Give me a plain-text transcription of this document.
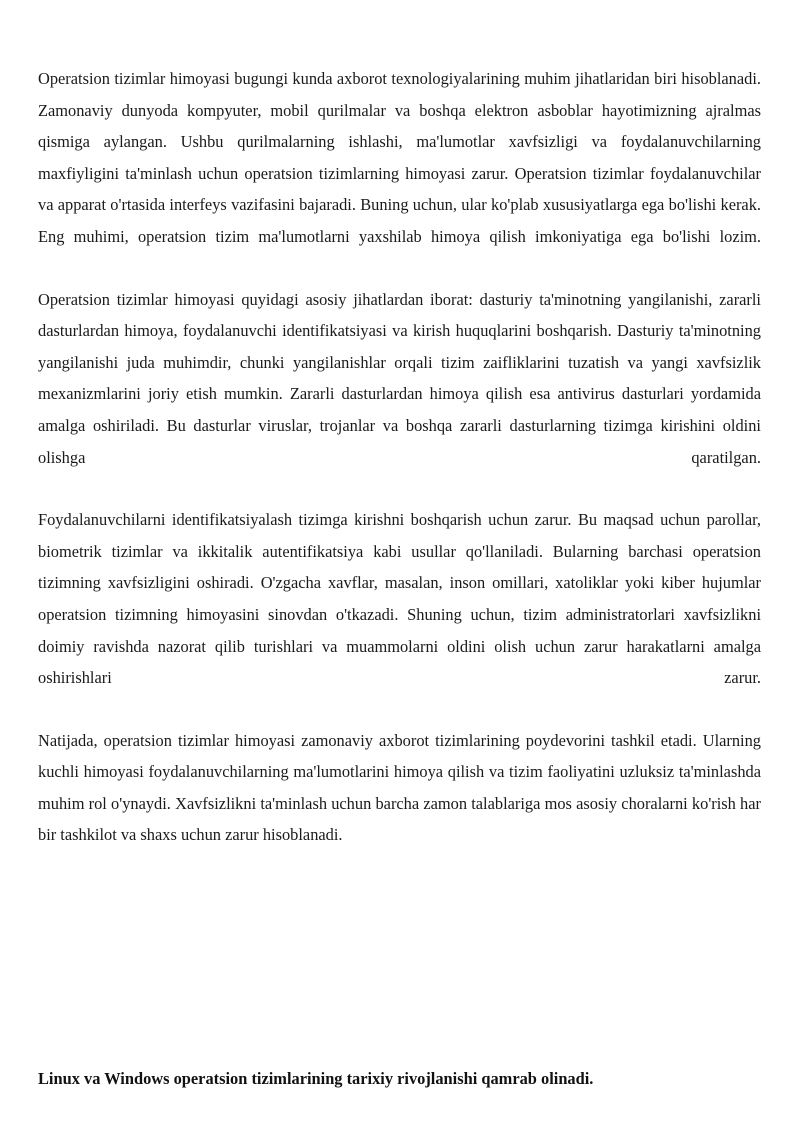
Operatsion tizimlar himoyasi bugungi kunda axborot texnologiyalarining muhim jihatlaridan biri hisoblanadi. Zamonaviy dunyoda kompyuter, mobil qurilmalar va boshqa elektron asboblar hayotimizning ajralmas qismiga aylangan. Ushbu qurilmalarning ishlashi, ma'lumotlar xavfsizligi va foydalanuvchilarning maxfiyligini ta'minlash uchun operatsion tizimlarning himoyasi zarur. Operatsion tizimlar foydalanuvchilar va apparat o'rtasida interfeys vazifasini bajaradi. Buning uchun, ular ko'plab xususiyatlarga ega bo'lishi kerak. Eng muhimi, operatsion tizim ma'lumotlarni yaxshilab himoya qilish imkoniyatiga ega bo'lishi lozim.

Operatsion tizimlar himoyasi quyidagi asosiy jihatlardan iborat: dasturiy ta'minotning yangilanishi, zararli dasturlardan himoya, foydalanuvchi identifikatsiyasi va kirish huquqlarini boshqarish. Dasturiy ta'minotning yangilanishi juda muhimdir, chunki yangilanishlar orqali tizim zaifliklarini tuzatish va yangi xavfsizlik mexanizmlarini joriy etish mumkin. Zararli dasturlardan himoya qilish esa antivirus dasturlari yordamida amalga oshiriladi. Bu dasturlar viruslar, trojanlar va boshqa zararli dasturlarning tizimga kirishini oldini olishga qaratilgan.

Foydalanuvchilarni identifikatsiyalash tizimga kirishni boshqarish uchun zarur. Bu maqsad uchun parollar, biometrik tizimlar va ikkitalik autentifikatsiya kabi usullar qo'llaniladi. Bularning barchasi operatsion tizimning xavfsizligini oshiradi. O'zgacha xavflar, masalan, inson omillari, xatoliklar yoki kiber hujumlar operatsion tizimning himoyasini sinovdan o'tkazadi. Shuning uchun, tizim administratorlari xavfsizlikni doimiy ravishda nazorat qilib turishlari va muammolarni oldini olish uchun zarur harakatlarni amalga oshirishlari zarur.

Natijada, operatsion tizimlar himoyasi zamonaviy axborot tizimlarining poydevorini tashkil etadi. Ularning kuchli himoyasi foydalanuvchilarning ma'lumotlarini himoya qilish va tizim faoliyatini uzluksiz ta'minlashda muhim rol o'ynaydi. Xavfsizlikni ta'minlash uchun barcha zamon talablariga mos asosiy choralarni ko'rish har bir tashkilot va shaxs uchun zarur hisoblanadi.

Linux va Windows operatsion tizimlarining tarixiy rivojlanishi qamrab olinadi.
